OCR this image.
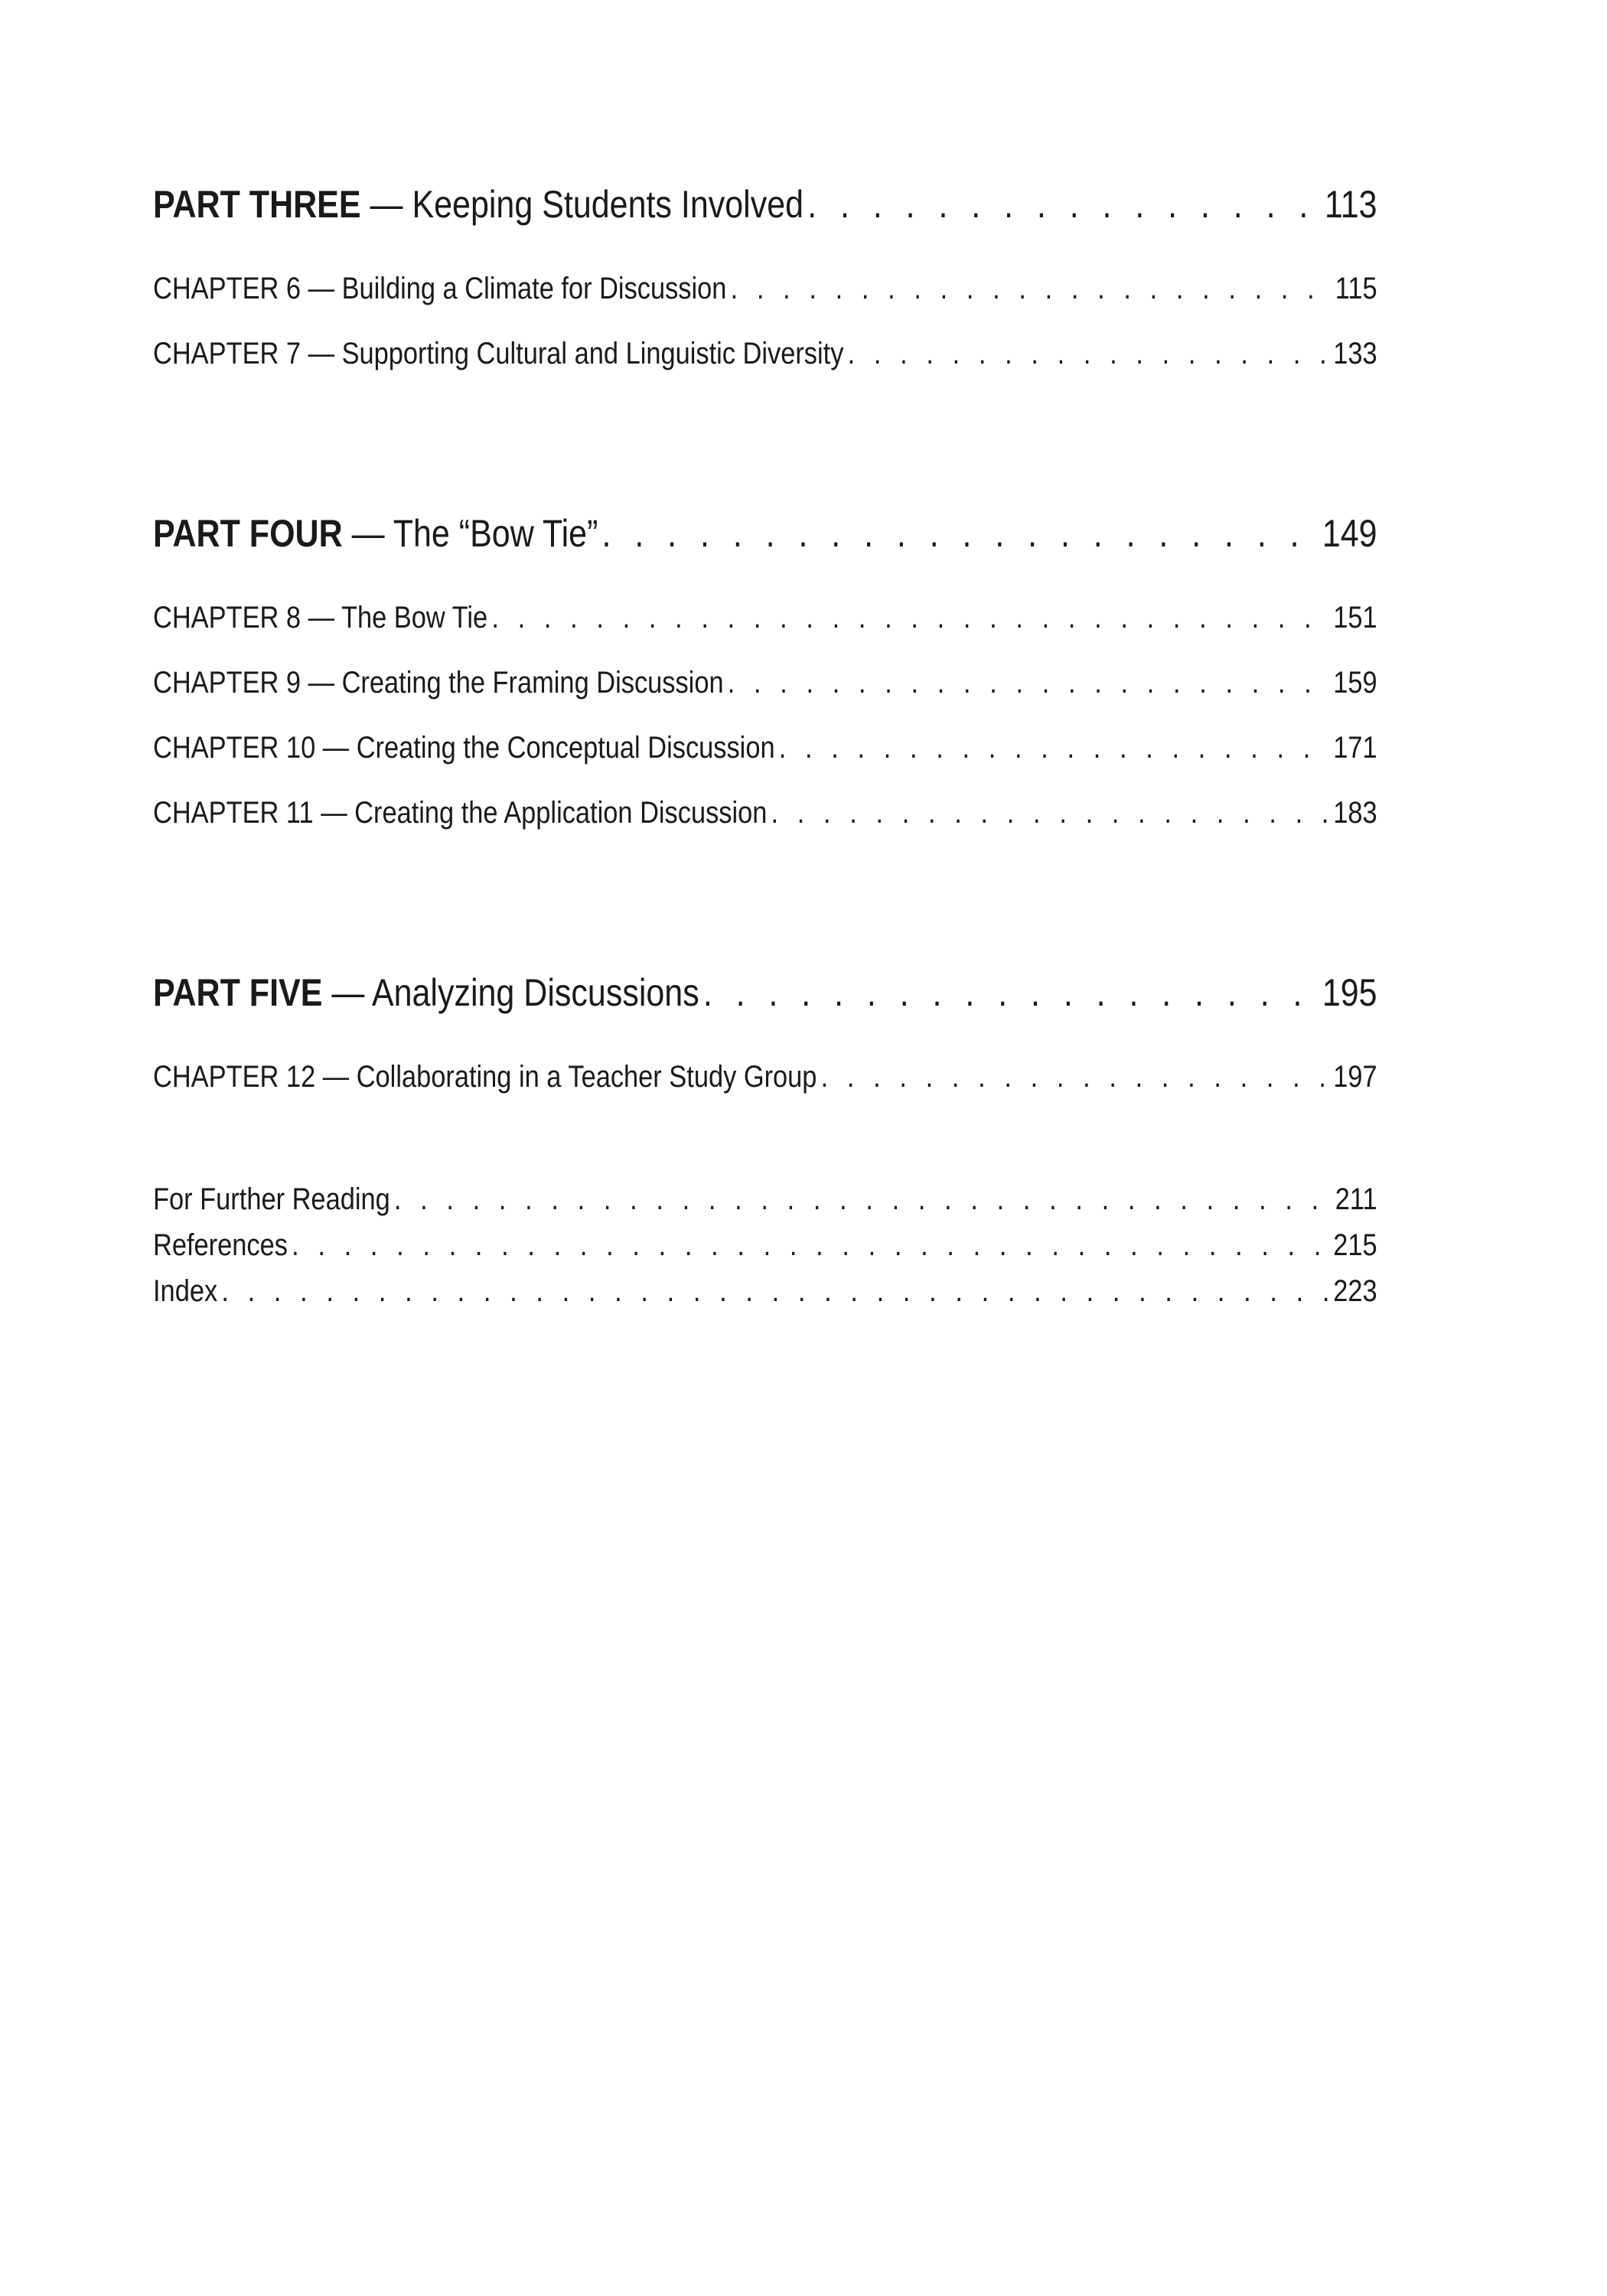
PART THREE — Keeping Students Involved . . .	113
CHAPTER 6 — Building a Climate for Discussion . . .	115
CHAPTER 7 — Supporting Cultural and Linguistic Diversity . . .	133
PART FOUR — The “Bow Tie” . . .	149
CHAPTER 8 — The Bow Tie . . .	151
CHAPTER 9 — Creating the Framing Discussion . . .	159
CHAPTER 10 — Creating the Conceptual Discussion . . .	171
CHAPTER 11 — Creating the Application Discussion . . .	183
PART FIVE — Analyzing Discussions . . .	195
CHAPTER 12 — Collaborating in a Teacher Study Group . . .	197
For Further Reading . . .	211
References . . .	215
Index . . .	223
